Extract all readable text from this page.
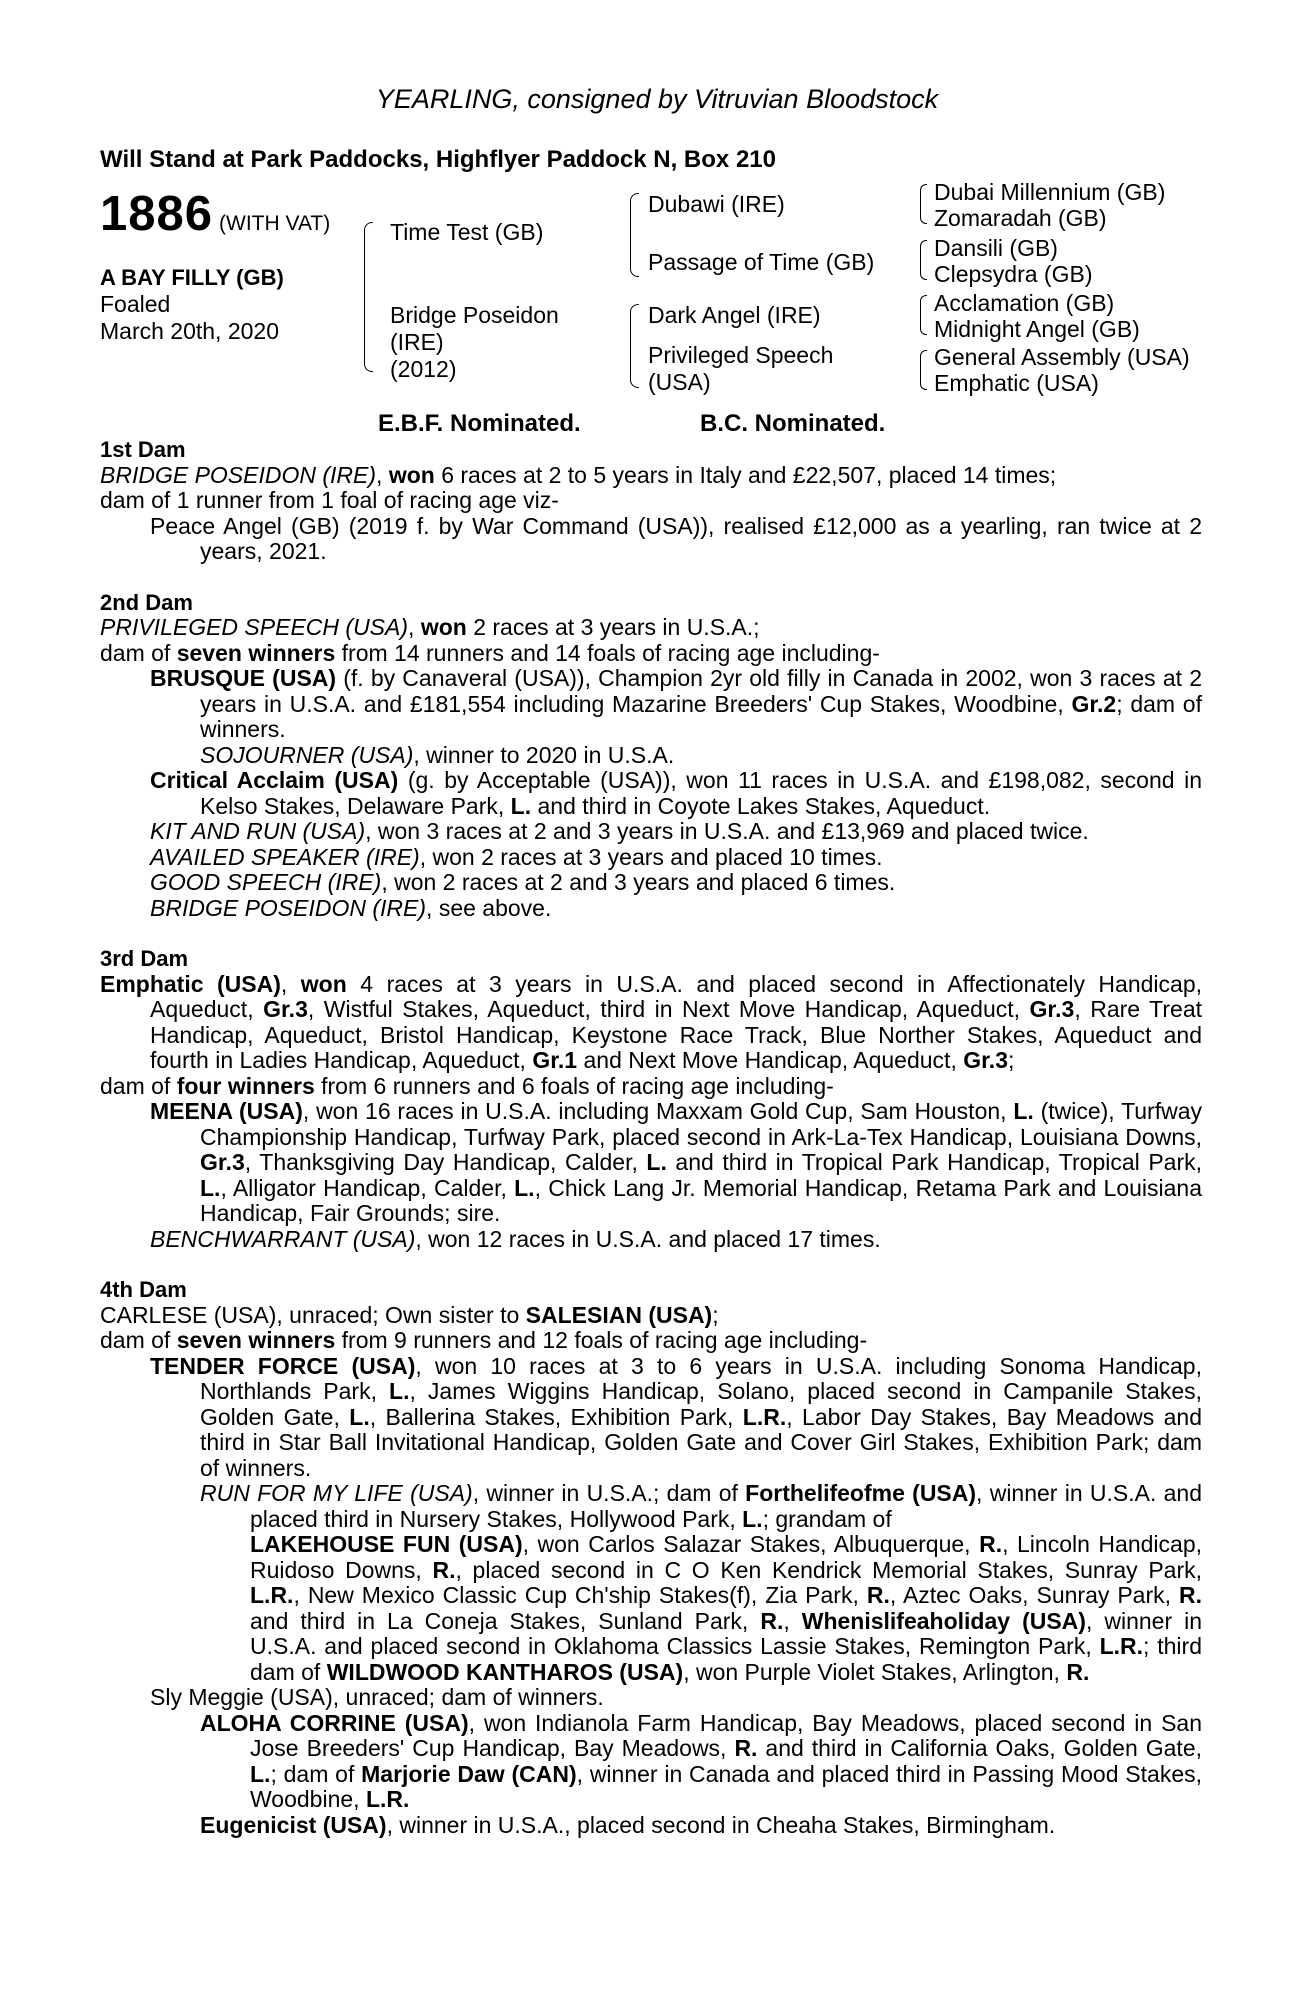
YEARLING, consigned by Vitruvian Bloodstock
Will Stand at Park Paddocks, Highflyer Paddock N, Box 210
1886 (WITH VAT)
A BAY FILLY (GB)
Foaled
March 20th, 2020
Time Test (GB)
Bridge Poseidon
(IRE)
(2012)
Dubawi (IRE)
Passage of Time (GB)
Dark Angel (IRE)
Privileged Speech
(USA)
Dubai Millennium (GB)
Zomaradah (GB)
Dansili (GB)
Clepsydra (GB)
Acclamation (GB)
Midnight Angel (GB)
General Assembly (USA)
Emphatic (USA)
E.B.F. Nominated.	B.C. Nominated.
1st Dam
BRIDGE POSEIDON (IRE), won 6 races at 2 to 5 years in Italy and £22,507, placed 14 times;
dam of 1 runner from 1 foal of racing age viz-
Peace Angel (GB) (2019 f. by War Command (USA)), realised £12,000 as a yearling, ran twice at 2 years, 2021.
2nd Dam
PRIVILEGED SPEECH (USA), won 2 races at 3 years in U.S.A.;
dam of seven winners from 14 runners and 14 foals of racing age including-
BRUSQUE (USA) (f. by Canaveral (USA)), Champion 2yr old filly in Canada in 2002, won 3 races at 2 years in U.S.A. and £181,554 including Mazarine Breeders' Cup Stakes, Woodbine, Gr.2; dam of winners.
SOJOURNER (USA), winner to 2020 in U.S.A.
Critical Acclaim (USA) (g. by Acceptable (USA)), won 11 races in U.S.A. and £198,082, second in Kelso Stakes, Delaware Park, L. and third in Coyote Lakes Stakes, Aqueduct.
KIT AND RUN (USA), won 3 races at 2 and 3 years in U.S.A. and £13,969 and placed twice.
AVAILED SPEAKER (IRE), won 2 races at 3 years and placed 10 times.
GOOD SPEECH (IRE), won 2 races at 2 and 3 years and placed 6 times.
BRIDGE POSEIDON (IRE), see above.
3rd Dam
Emphatic (USA), won 4 races at 3 years in U.S.A. and placed second in Affectionately Handicap, Aqueduct, Gr.3, Wistful Stakes, Aqueduct, third in Next Move Handicap, Aqueduct, Gr.3, Rare Treat Handicap, Aqueduct, Bristol Handicap, Keystone Race Track, Blue Norther Stakes, Aqueduct and fourth in Ladies Handicap, Aqueduct, Gr.1 and Next Move Handicap, Aqueduct, Gr.3;
dam of four winners from 6 runners and 6 foals of racing age including-
MEENA (USA), won 16 races in U.S.A. including Maxxam Gold Cup, Sam Houston, L. (twice), Turfway Championship Handicap, Turfway Park, placed second in Ark-La-Tex Handicap, Louisiana Downs, Gr.3, Thanksgiving Day Handicap, Calder, L. and third in Tropical Park Handicap, Tropical Park, L., Alligator Handicap, Calder, L., Chick Lang Jr. Memorial Handicap, Retama Park and Louisiana Handicap, Fair Grounds; sire.
BENCHWARRANT (USA), won 12 races in U.S.A. and placed 17 times.
4th Dam
CARLESE (USA), unraced; Own sister to SALESIAN (USA);
dam of seven winners from 9 runners and 12 foals of racing age including-
TENDER FORCE (USA), won 10 races at 3 to 6 years in U.S.A. including Sonoma Handicap, Northlands Park, L., James Wiggins Handicap, Solano, placed second in Campanile Stakes, Golden Gate, L., Ballerina Stakes, Exhibition Park, L.R., Labor Day Stakes, Bay Meadows and third in Star Ball Invitational Handicap, Golden Gate and Cover Girl Stakes, Exhibition Park; dam of winners.
RUN FOR MY LIFE (USA), winner in U.S.A.; dam of Forthelifeofme (USA), winner in U.S.A. and placed third in Nursery Stakes, Hollywood Park, L.; grandam of
LAKEHOUSE FUN (USA), won Carlos Salazar Stakes, Albuquerque, R., Lincoln Handicap, Ruidoso Downs, R., placed second in C O Ken Kendrick Memorial Stakes, Sunray Park, L.R., New Mexico Classic Cup Ch'ship Stakes(f), Zia Park, R., Aztec Oaks, Sunray Park, R. and third in La Coneja Stakes, Sunland Park, R., Whenislifeaholiday (USA), winner in U.S.A. and placed second in Oklahoma Classics Lassie Stakes, Remington Park, L.R.; third dam of WILDWOOD KANTHAROS (USA), won Purple Violet Stakes, Arlington, R.
Sly Meggie (USA), unraced; dam of winners.
ALOHA CORRINE (USA), won Indianola Farm Handicap, Bay Meadows, placed second in San Jose Breeders' Cup Handicap, Bay Meadows, R. and third in California Oaks, Golden Gate, L.; dam of Marjorie Daw (CAN), winner in Canada and placed third in Passing Mood Stakes, Woodbine, L.R.
Eugenicist (USA), winner in U.S.A., placed second in Cheaha Stakes, Birmingham.
